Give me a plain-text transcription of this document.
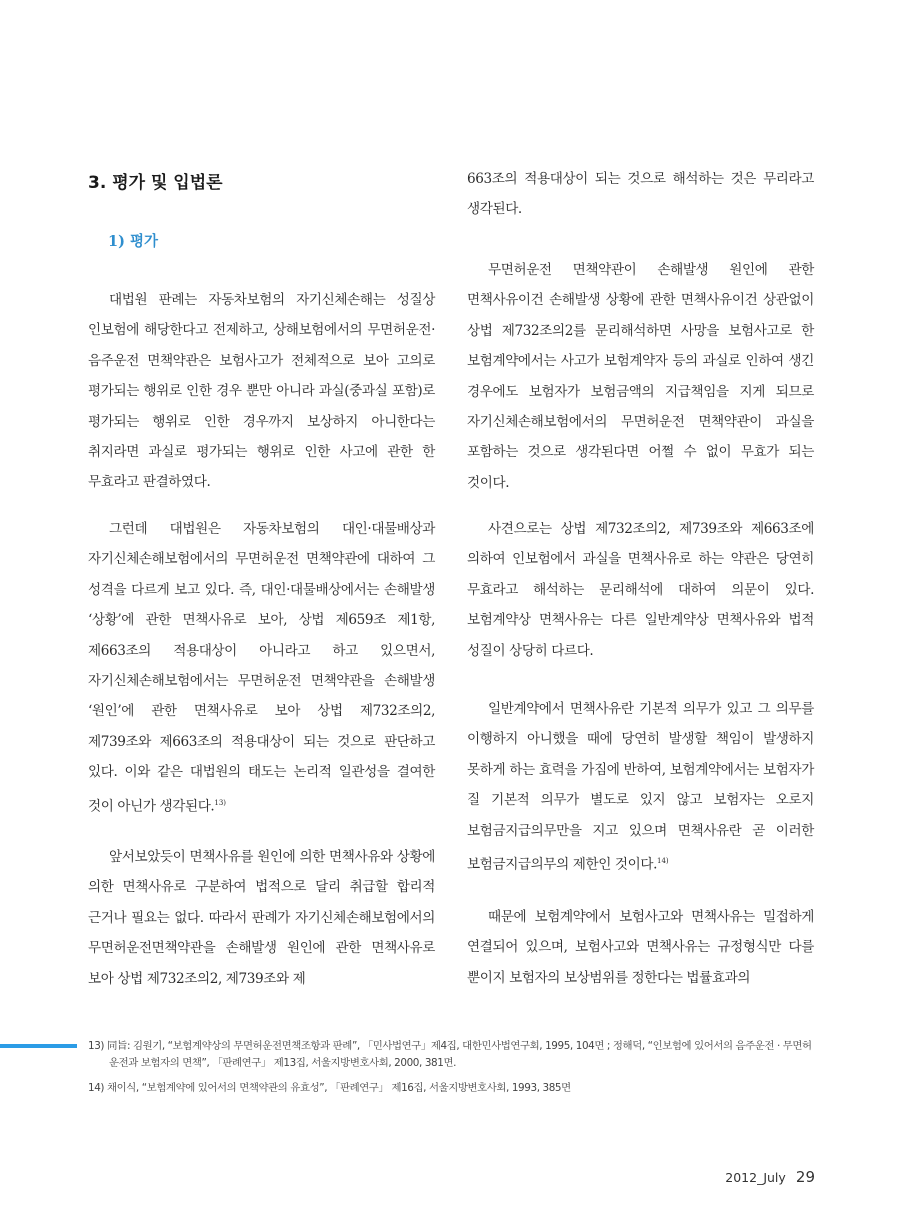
3. 평가 및 입법론
1) 평가

대법원 판례는 자동차보험의 자기신체손해는 성질상 인보험에 해당한다고 전제하고, 상해보험에서의 무면허운전·음주운전 면책약관은 보험사고가 전체적으로 보아 고의로 평가되는 행위로 인한 경우 뿐만 아니라 과실(중과실 포함)로 평가되는 행위로 인한 경우까지 보상하지 아니한다는 취지라면 과실로 평가되는 행위로 인한 사고에 관한 한 무효라고 판결하였다.

그런데 대법원은 자동차보험의 대인·대물배상과 자기신체손해보험에서의 무면허운전 면책약관에 대하여 그 성격을 다르게 보고 있다. 즉, 대인·대물배상에서는 손해발생 ‘상황’에 관한 면책사유로 보아, 상법 제659조 제1항, 제663조의 적용대상이 아니라고 하고 있으면서, 자기신체손해보험에서는 무면허운전 면책약관을 손해발생 ‘원인’에 관한 면책사유로 보아 상법 제732조의2, 제739조와 제663조의 적용대상이 되는 것으로 판단하고 있다. 이와 같은 대법원의 태도는 논리적 일관성을 결여한 것이 아닌가 생각된다.$^{13)}$

앞서보았듯이 면책사유를 원인에 의한 면책사유와 상황에 의한 면책사유로 구분하여 법적으로 달리 취급할 합리적 근거나 필요는 없다. 따라서 판례가 자기신체손해보험에서의 무면허운전면책약관을 손해발생 원인에 관한 면책사유로 보아 상법 제732조의2, 제739조와 제

663조의 적용대상이 되는 것으로 해석하는 것은 무리라고 생각된다.

무면허운전 면책약관이 손해발생 원인에 관한 면책사유이건 손해발생 상황에 관한 면책사유이건 상관없이 상법 제732조의2를 문리해석하면 사망을 보험사고로 한 보험계약에서는 사고가 보험계약자 등의 과실로 인하여 생긴 경우에도 보험자가 보험금액의 지급책임을 지게 되므로 자기신체손해보험에서의 무면허운전 면책약관이 과실을 포함하는 것으로 생각된다면 어쩔 수 없이 무효가 되는 것이다.

사견으로는 상법 제732조의2, 제739조와 제663조에 의하여 인보험에서 과실을 면책사유로 하는 약관은 당연히 무효라고 해석하는 문리해석에 대하여 의문이 있다. 보험계약상 면책사유는 다른 일반계약상 면책사유와 법적 성질이 상당히 다르다.

일반계약에서 면책사유란 기본적 의무가 있고 그 의무를 이행하지 아니했을 때에 당연히 발생할 책임이 발생하지 못하게 하는 효력을 가짐에 반하여, 보험계약에서는 보험자가 질 기본적 의무가 별도로 있지 않고 보험자는 오로지 보험금지급의무만을 지고 있으며 면책사유란 곧 이러한 보험금지급의무의 제한인 것이다.$^{14)}$

때문에 보험계약에서 보험사고와 면책사유는 밀접하게 연결되어 있으며, 보험사고와 면책사유는 규정형식만 다를 뿐이지 보험자의 보상범위를 정한다는 법률효과의

13) 同旨: 김원기, “보험계약상의 무면허운전면책조항과 판례”, 「민사법연구」제4집, 대한민사법연구회, 1995, 104면 ; 정해덕, “인보험에 있어서의 음주운전 · 무면허운전과 보험자의 면책”, 「판례연구」 제13집, 서울지방변호사회, 2000, 381면.

14) 채이식, “보험계약에 있어서의 면책약관의 유효성”, 「판례연구」 제16집, 서울지방변호사회, 1993, 385면

2012_July 29
